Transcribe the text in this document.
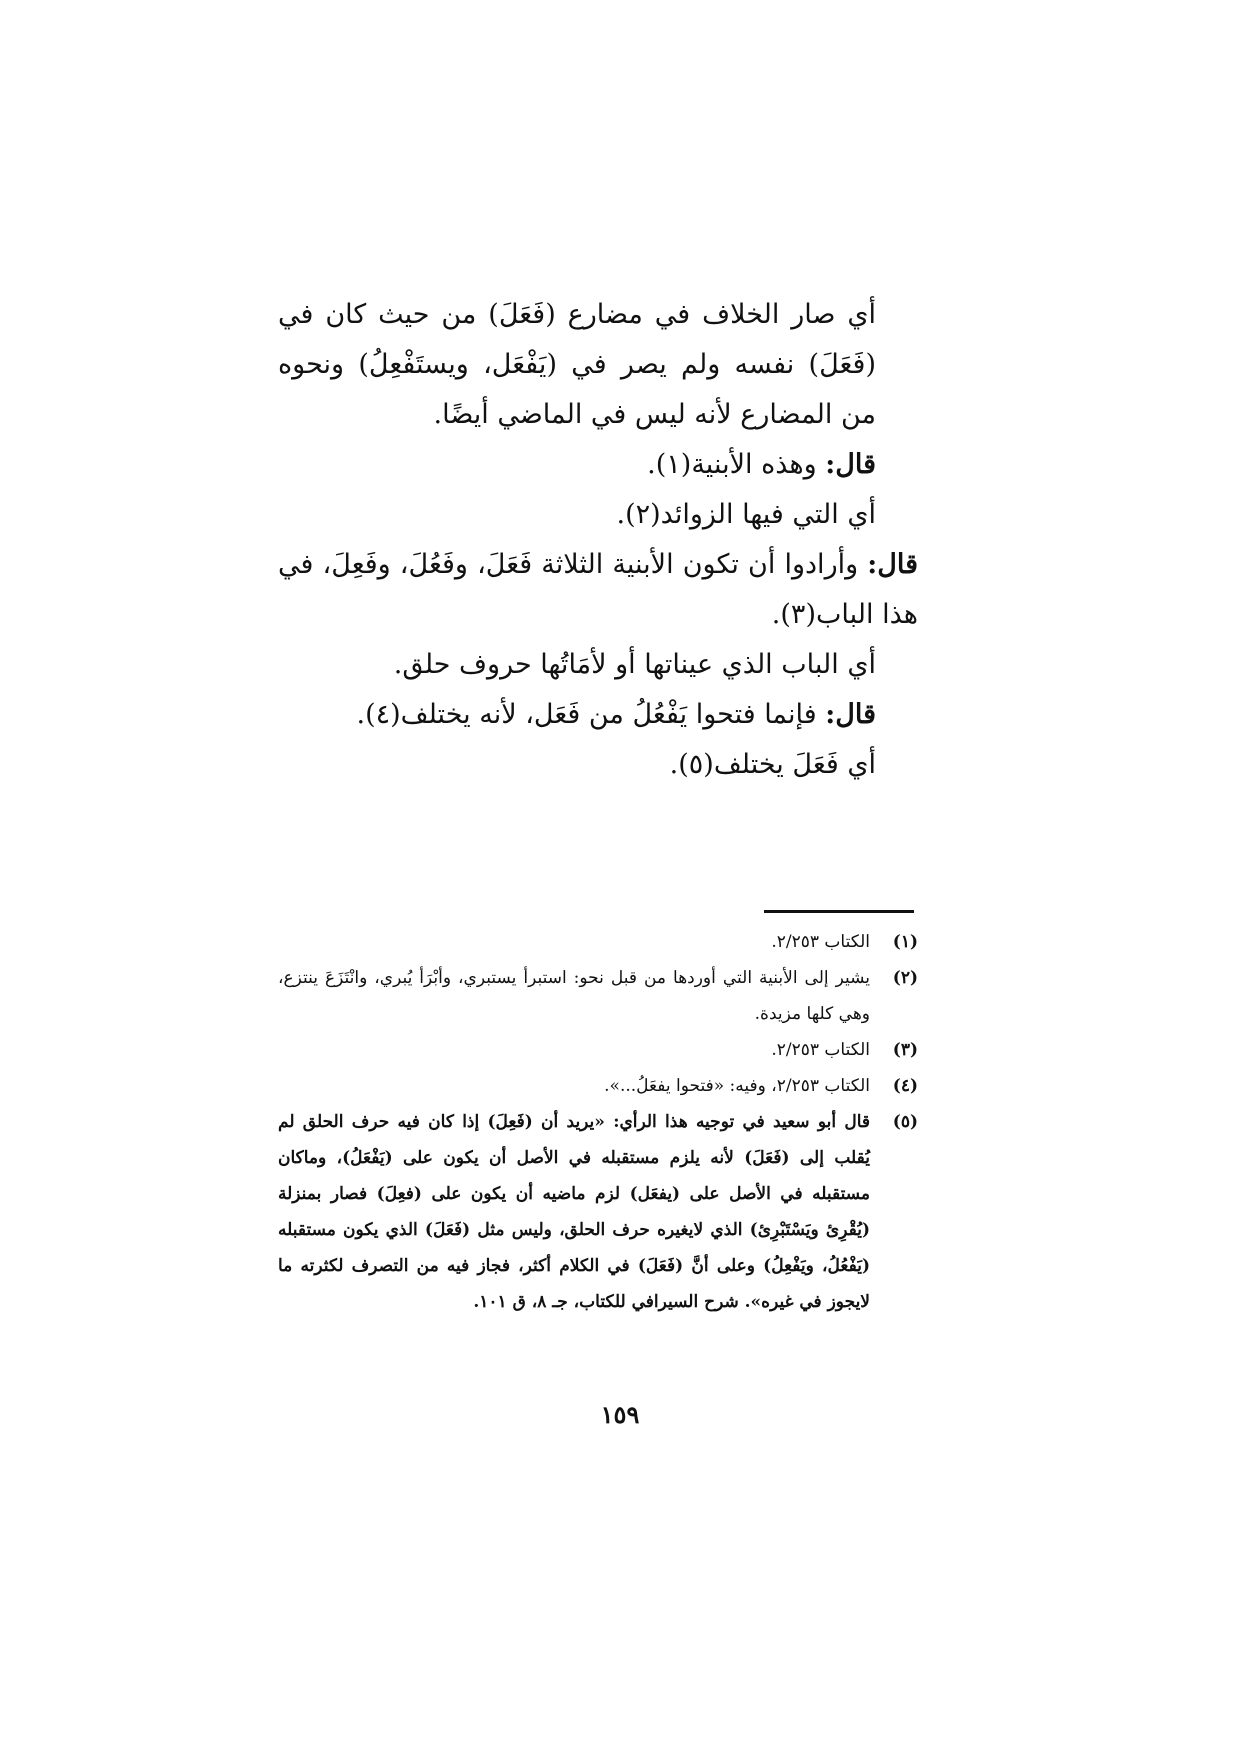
أي صار الخلاف في مضارع (فَعَلَ) من حيث كان في (فَعَلَ) نفسه ولم يصر في (يَفْعَل، ويستَفْعِلُ) ونحوه من المضارع لأنه ليس في الماضي أيضًا.

قال: وهذه الأبنية(١).

أي التي فيها الزوائد(٢).

قال: وأرادوا أن تكون الأبنية الثلاثة فَعَلَ، وفَعُلَ، وفَعِلَ، في هذا الباب(٣).

أي الباب الذي عيناتها أو لأمَاتُها حروف حلق.

قال: فإنما فتحوا يَفْعُلُ من فَعَل، لأنه يختلف(٤).

أي فَعَلَ يختلف(٥).

(١)
الكتاب ٢/٢٥٣.
(٢)
يشير إلى الأبنية التي أوردها من قبل نحو: استبرأ يستبري، وأبْرَأ يُبري، وانْتَزَعَ ينتزع، وهي كلها مزيدة.
(٣)
الكتاب ٢/٢٥٣.
(٤)
الكتاب ٢/٢٥٣، وفيه: «فتحوا يفعَلُ...».
(٥)
قال أبو سعيد في توجيه هذا الرأي: «يريد أن (فَعِلَ) إذا كان فيه حرف الحلق لم يُقلب إلى (فَعَلَ) لأنه يلزم مستقبله في الأصل أن يكون على (يَفْعَلُ)، وماكان مستقبله في الأصل على (يفعَل) لزم ماضيه أن يكون على (فعِلَ) فصار بمنزلة (يُقْرِئ ويَسْتَبْرِئ) الذي لايغيره حرف الحلق، وليس مثل (فَعَلَ) الذي يكون مستقبله (يَفْعُلُ، ويَفْعِلُ) وعلى أنَّ (فَعَلَ) في الكلام أكثر، فجاز فيه من التصرف لكثرته ما لايجوز في غيره». شرح السيرافي للكتاب، جـ ٨، ق ١٠١.
١٥٩
